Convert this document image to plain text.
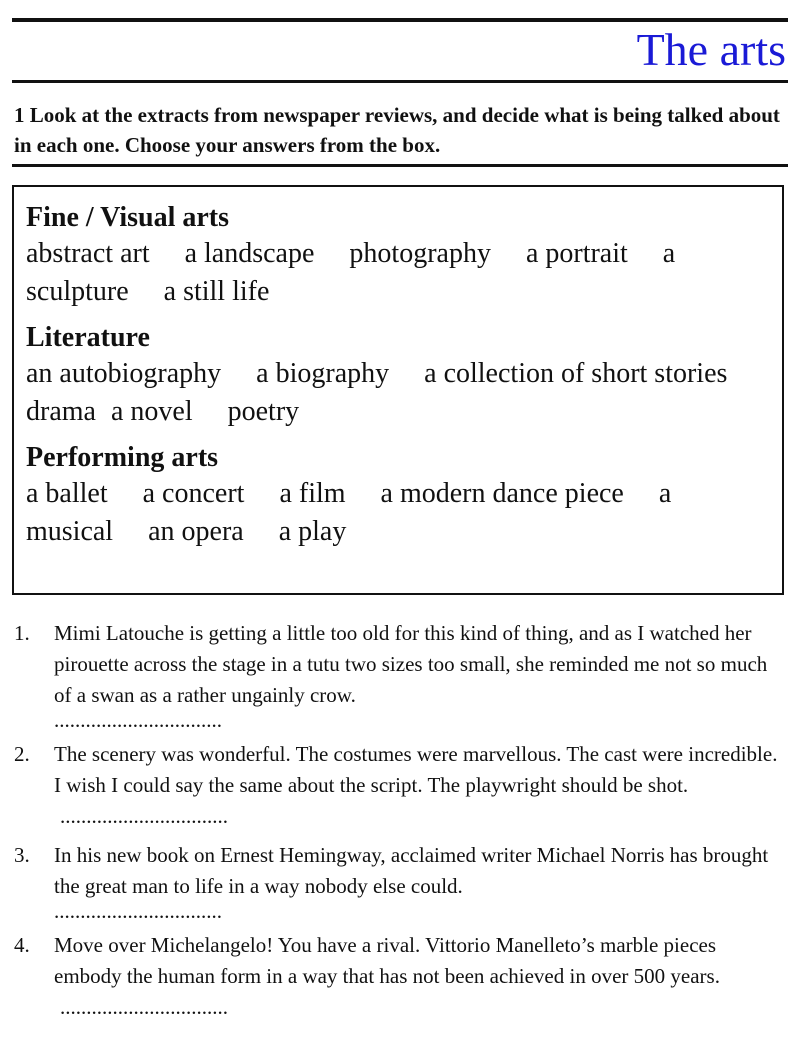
The arts

1 Look at the extracts from newspaper reviews, and decide what is being talked about in each one. Choose your answers from the box.

Fine / Visual arts

abstract art a landscape photography a portrait a sculpture a still life

Literature

an autobiography a biography a collection of short stories drama a novel poetry

Performing arts

a ballet a concert a film a modern dance piece a musical an opera a play

1. Mimi Latouche is getting a little too old for this kind of thing, and as I watched her pirouette across the stage in a tutu two sizes too small, she reminded me not so much of a swan as a rather ungainly crow.
................................
2. The scenery was wonderful. The costumes were marvellous. The cast were incredible. I wish I could say the same about the script. The playwright should be shot. ................................
3. In his new book on Ernest Hemingway, acclaimed writer Michael Norris has brought the great man to life in a way nobody else could.
................................
4. Move over Michelangelo! You have a rival. Vittorio Manelleto’s marble pieces embody the human form in a way that has not been achieved in over 500 years. ................................
